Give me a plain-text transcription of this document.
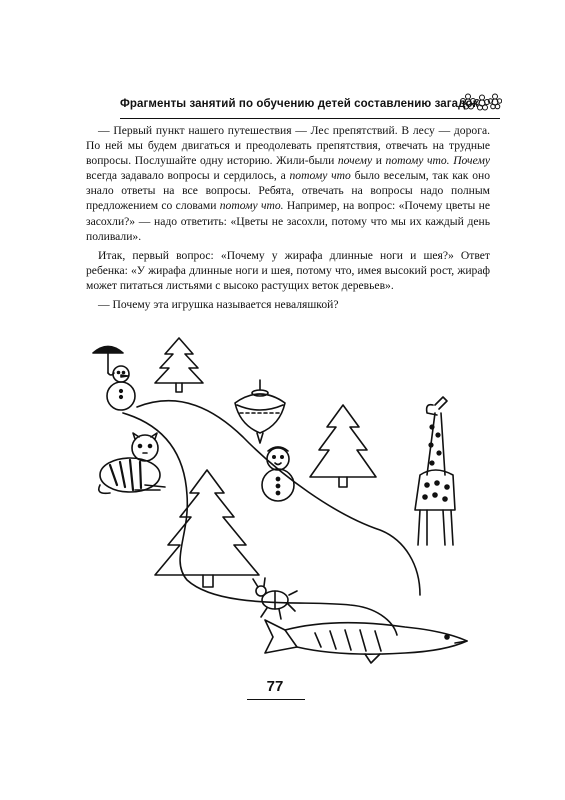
Фрагменты занятий по обучению детей составлению загадок

— Первый пункт нашего путешествия — Лес препятствий. В лесу — дорога. По ней мы будем двигаться и преодолевать препятствия, отвечать на трудные вопросы. Послушайте одну историю. Жили-были почему и потому что. Почему всегда задавало вопросы и сердилось, а потому что было веселым, так как оно знало ответы на все вопросы. Ребята, отвечать на вопросы надо полным предложением со словами потому что. Например, на вопрос: «Почему цветы не засохли?» — надо ответить: «Цветы не засохли, потому что мы их каждый день поливали».

Итак, первый вопрос: «Почему у жирафа длинные ноги и шея?» Ответ ребенка: «У жирафа длинные ноги и шея, потому что, имея высокий рост, жираф может питаться листьями с высоко растущих веток деревьев».

— Почему эта игрушка называется неваляшкой?

77
